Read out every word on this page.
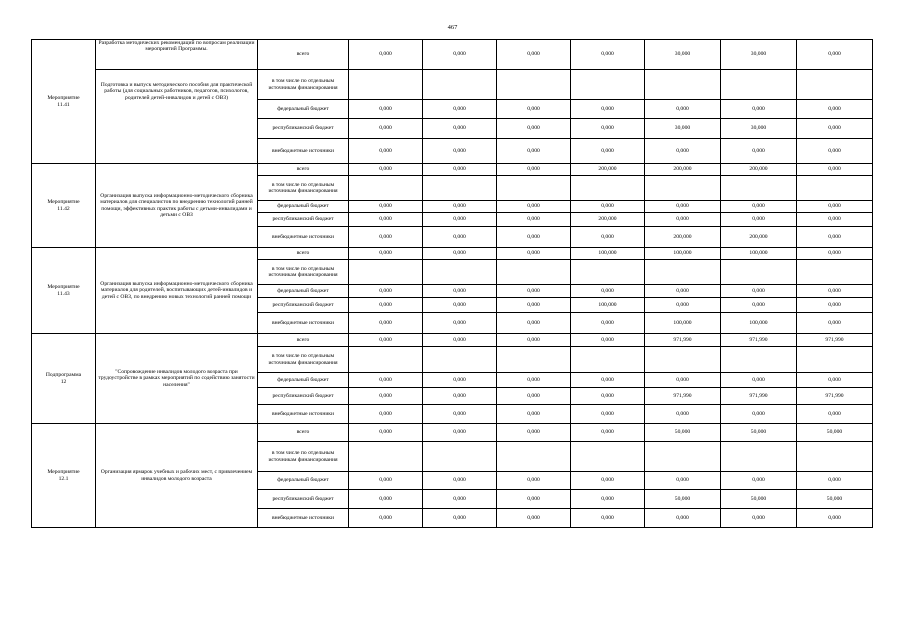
467
Мероприятие
11.41	Разработка методических рекомендаций по вопросам реализации мероприятий Программы.	всего	0,000	0,000	0,000	0,000	30,000	30,000	0,000
	Подготовка и выпуск методического пособия для практической работы (для социальных работников, педагогов, психологов, родителей детей-инвалидов и детей с ОВЗ)	в том числе по отдельным источникам финансирования							
		федеральный бюджет	0,000	0,000	0,000	0,000	0,000	0,000	0,000
		республиканский бюджет	0,000	0,000	0,000	0,000	30,000	30,000	0,000
		внебюджетные источники	0,000	0,000	0,000	0,000	0,000	0,000	0,000
Мероприятие
11.42	Организация выпуска информационно-методического сборника материалов для специалистов по внедрению технологий ранней помощи, эффективных практик работы с детьми-инвалидами и детьми с ОВЗ	всего	0,000	0,000	0,000	200,000	200,000	200,000	0,000
		в том числе по отдельным источникам финансирования							
		федеральный бюджет	0,000	0,000	0,000	0,000	0,000	0,000	0,000
		республиканский бюджет	0,000	0,000	0,000	200,000	0,000	0,000	0,000
		внебюджетные источники	0,000	0,000	0,000	0,000	200,000	200,000	0,000
Мероприятие
11.43	Организация выпуска информационно-методического сборника материалов для родителей, воспитывающих детей-инвалидов и детей с ОВЗ, по внедрению новых технологий ранней помощи	всего	0,000	0,000	0,000	100,000	100,000	100,000	0,000
		в том числе по отдельным источникам финансирования							
		федеральный бюджет	0,000	0,000	0,000	0,000	0,000	0,000	0,000
		республиканский бюджет	0,000	0,000	0,000	100,000	0,000	0,000	0,000
		внебюджетные источники	0,000	0,000	0,000	0,000	100,000	100,000	0,000
Подпрограмма
12	"Сопровождение инвалидов молодого возраста при трудоустройстве в рамках мероприятий по содействию занятости населения"	всего	0,000	0,000	0,000	0,000	971,990	971,990	971,990
		в том числе по отдельным источникам финансирования							
		федеральный бюджет	0,000	0,000	0,000	0,000	0,000	0,000	0,000
		республиканский бюджет	0,000	0,000	0,000	0,000	971,990	971,990	971,990
		внебюджетные источники	0,000	0,000	0,000	0,000	0,000	0,000	0,000
Мероприятие
12.1	Организация ярмарок учебных и рабочих мест, с привлечением инвалидов молодого возраста	всего	0,000	0,000	0,000	0,000	50,000	50,000	50,000
		в том числе по отдельным источникам финансирования							
		федеральный бюджет	0,000	0,000	0,000	0,000	0,000	0,000	0,000
		республиканский бюджет	0,000	0,000	0,000	0,000	50,000	50,000	50,000
		внебюджетные источники	0,000	0,000	0,000	0,000	0,000	0,000	0,000
